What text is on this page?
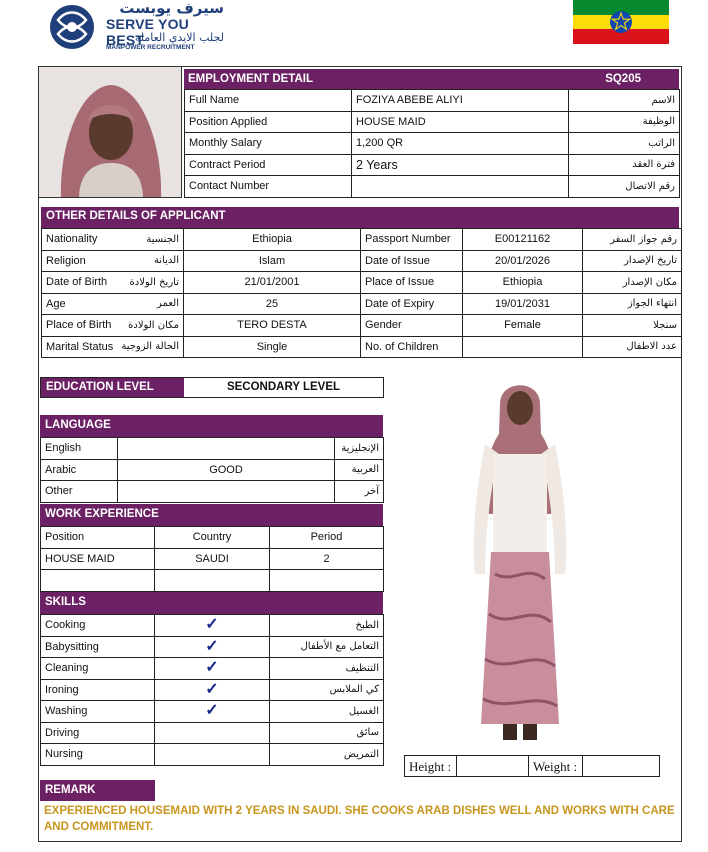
سيرف يوبست
SERVE YOU BEST
لجلب الايدي العاملة
MANPOWER RECRUITMENT
EMPLOYMENT DETAIL	SQ205
Full Name	FOZIYA ABEBE ALIYI	الاسم
Position Applied	HOUSE MAID	الوظيفة
Monthly Salary	1,200 QR	الراتب
Contract Period	2 Years	فترة العقد
Contact Number		رقم الاتصال
OTHER DETAILS OF APPLICANT
Nationality الجنسية	Ethiopia	Passport Number	E00121162	رقم جواز السفر

Religion الديانة	Islam	Date of Issue	20/01/2026	تاريخ الإصدار

Date of Birth تاريخ الولادة	21/01/2001	Place of Issue	Ethiopia	مكان الإصدار

Age العمر	25	Date of Expiry	19/01/2031	انتهاء الجواز

Place of Birth مكان الولادة	TERO DESTA	Gender	Female	سنجلا

Marital Status الحالة الزوجية	Single	No. of Children		عدد الاطفال
EDUCATION LEVEL	SECONDARY LEVEL
LANGUAGE
English		الإنجليزية
Arabic	GOOD	العربية
Other		آخر
WORK EXPERIENCE
Position	Country	Period
HOUSE MAID	SAUDI	2

SKILLS
Cooking	✓	الطبخ
Babysitting	✓	التعامل مع الأطفال
Cleaning	✓	التنظيف
Ironing	✓	كي الملابس
Washing	✓	الغسيل
Driving		سائق
Nursing		التمريض
Height :	Weight :
REMARK
EXPERIENCED HOUSEMAID WITH 2 YEARS IN SAUDI. SHE COOKS ARAB DISHES WELL AND WORKS WITH CARE AND COMMITMENT.
